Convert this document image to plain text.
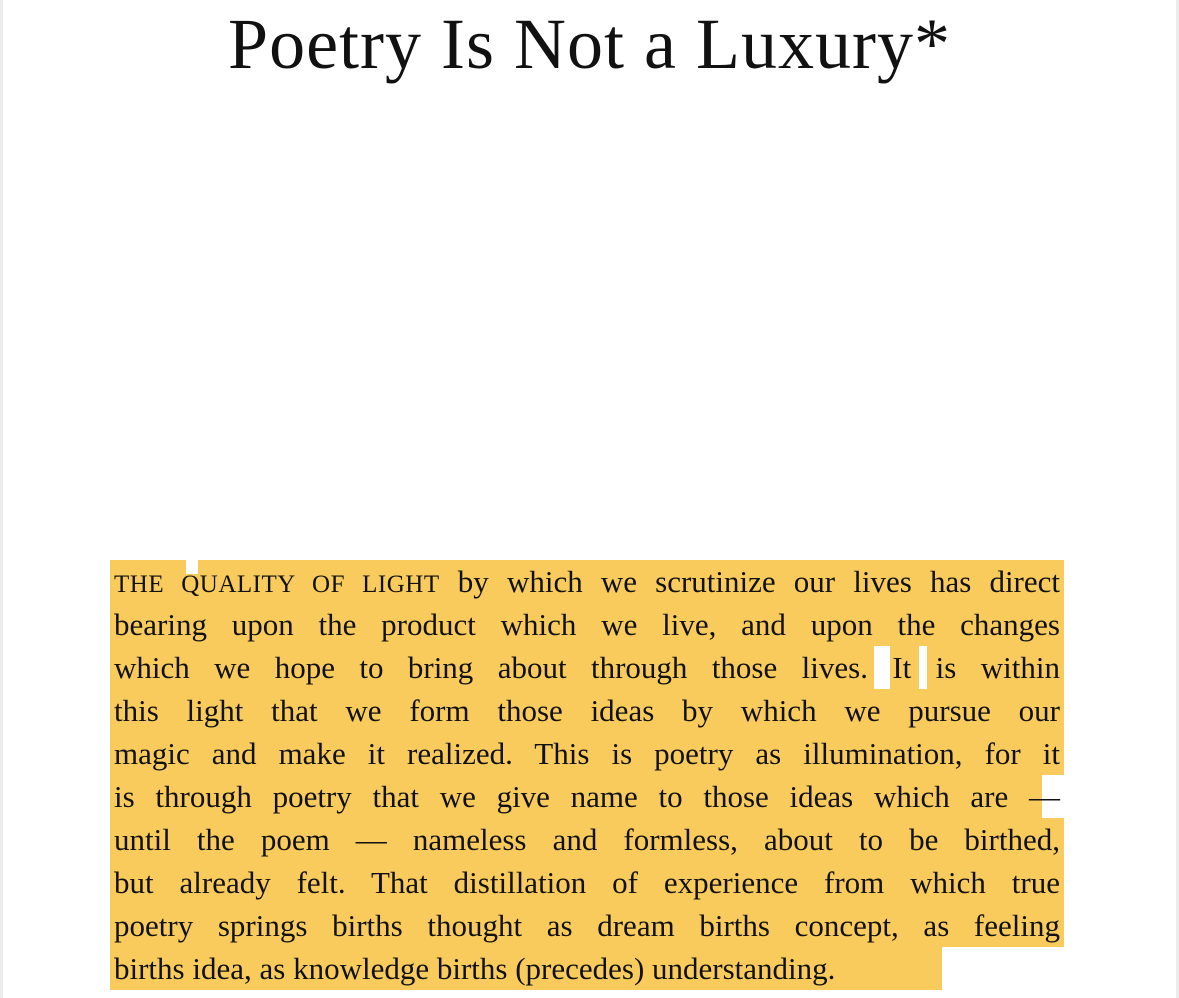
Poetry Is Not a Luxury*
THE QUALITY OF LIGHT by which we scrutinize our lives has direct
bearing upon the product which we live, and upon the changes
which we hope to bring about through those lives. It is within
this light that we form those ideas by which we pursue our
magic and make it realized. This is poetry as illumination, for it
is through poetry that we give name to those ideas which are —
until the poem — nameless and formless, about to be birthed,
but already felt. That distillation of experience from which true
poetry springs births thought as dream births concept, as feeling
births idea, as knowledge births (precedes) understanding.
